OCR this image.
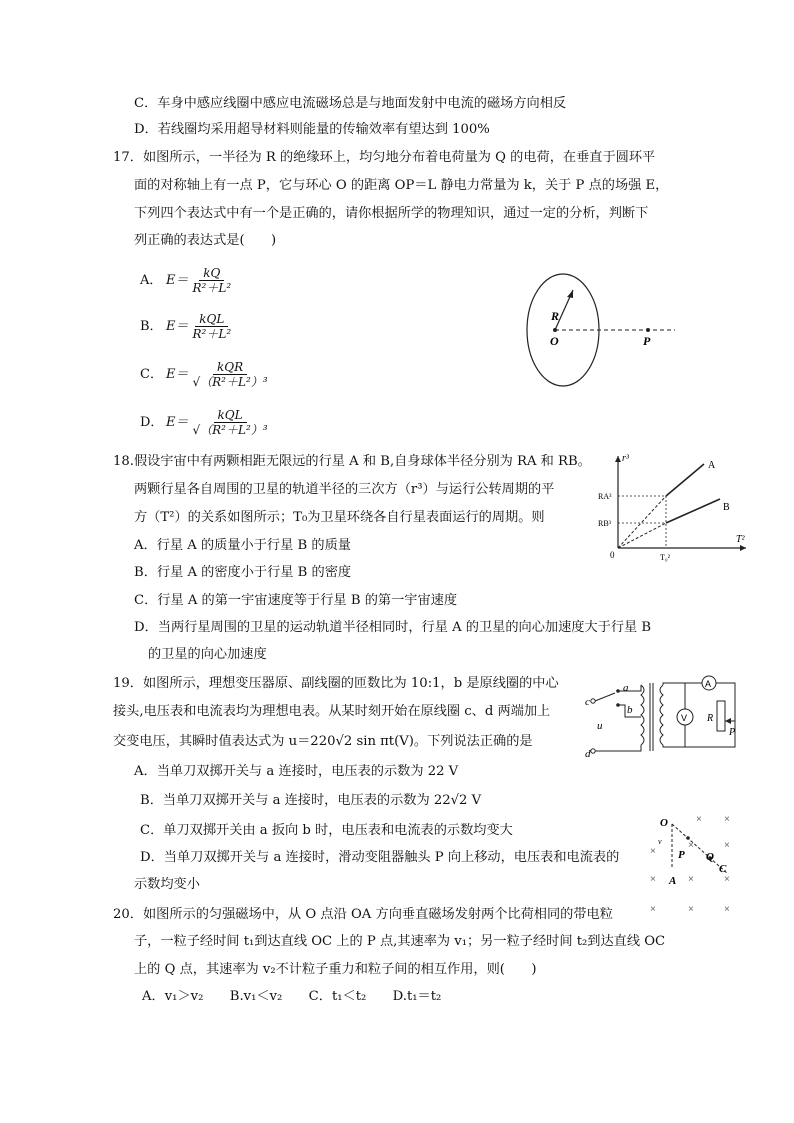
C．车身中感应线圈中感应电流磁场总是与地面发射中电流的磁场方向相反
D．若线圈均采用超导材料则能量的传输效率有望达到 100%
17．如图所示，一半径为 R 的绝缘环上，均匀地分布着电荷量为 Q 的电荷，在垂直于圆环平
面的对称轴上有一点 P，它与环心 O 的距离 OP＝L 静电力常量为 k，关于 P 点的场强 E，
下列四个表达式中有一个是正确的，请你根据所学的物理知识，通过一定的分析，判断下
列正确的表达式是(　　)
A． $E= \frac{kQ}{\text{R²＋L²}}$
B． $E= \frac{\text{kQL}}{\text{R²＋L²}}$
C． $E= \frac{\text{kQR}}{\text{√（R²＋L²）³}}$
D． $E= \frac{\text{kQL}}{\text{√（R²＋L²）³}}$
R
O	P
18.假设宇宙中有两颗相距无限远的行星 A 和 B,自身球体半径分别为 RA 和 RB。
两颗行星各自周围的卫星的轨道半径的三次方（r³）与运行公转周期的平
方（T²）的关系如图所示；T₀为卫星环绕各自行星表面运行的周期。则
A．行星 A 的质量小于行星 B 的质量
B．行星 A 的密度小于行星 B 的密度
C．行星 A 的第一宇宙速度等于行星 B 的第一宇宙速度
D．当两行星周围的卫星的运动轨道半径相同时，行星 A 的卫星的向心加速度大于行星 B
的卫星的向心加速度
r³
T²
0
A
B
RA³
RB³
T₀²
19．如图所示，理想变压器原、副线圈的匝数比为 10:1，b 是原线圈的中心
接头,电压表和电流表均为理想电表。从某时刻开始在原线圈 c、d 两端加上
交变电压，其瞬时值表达式为 u＝220√2 sin πt(V)。下列说法正确的是
A．当单刀双掷开关与 a 连接时，电压表的示数为 22 V
B．当单刀双掷开关与 a 连接时，电压表的示数为 22√2 V
C．单刀双掷开关由 a 扳向 b 时，电压表和电流表的示数均变大
D．当单刀双掷开关与 a 连接时，滑动变阻器触头 P 向上移动，电压表和电流表的
示数均变小
c
d
a
b
u
A
V R
P
× ×
×	×
×
×	×
×
×	×
×
O
v
P Q
C
A
20．如图所示的匀强磁场中，从 O 点沿 OA 方向垂直磁场发射两个比荷相同的带电粒
子，一粒子经时间 t₁到达直线 OC 上的 P 点,其速率为 v₁；另一粒子经时间 t₂到达直线 OC
上的 Q 点，其速率为 v₂不计粒子重力和粒子间的相互作用，则(　　)
A．v₁＞v₂　　B.v₁＜v₂　　C．t₁＜t₂　　D.t₁＝t₂
